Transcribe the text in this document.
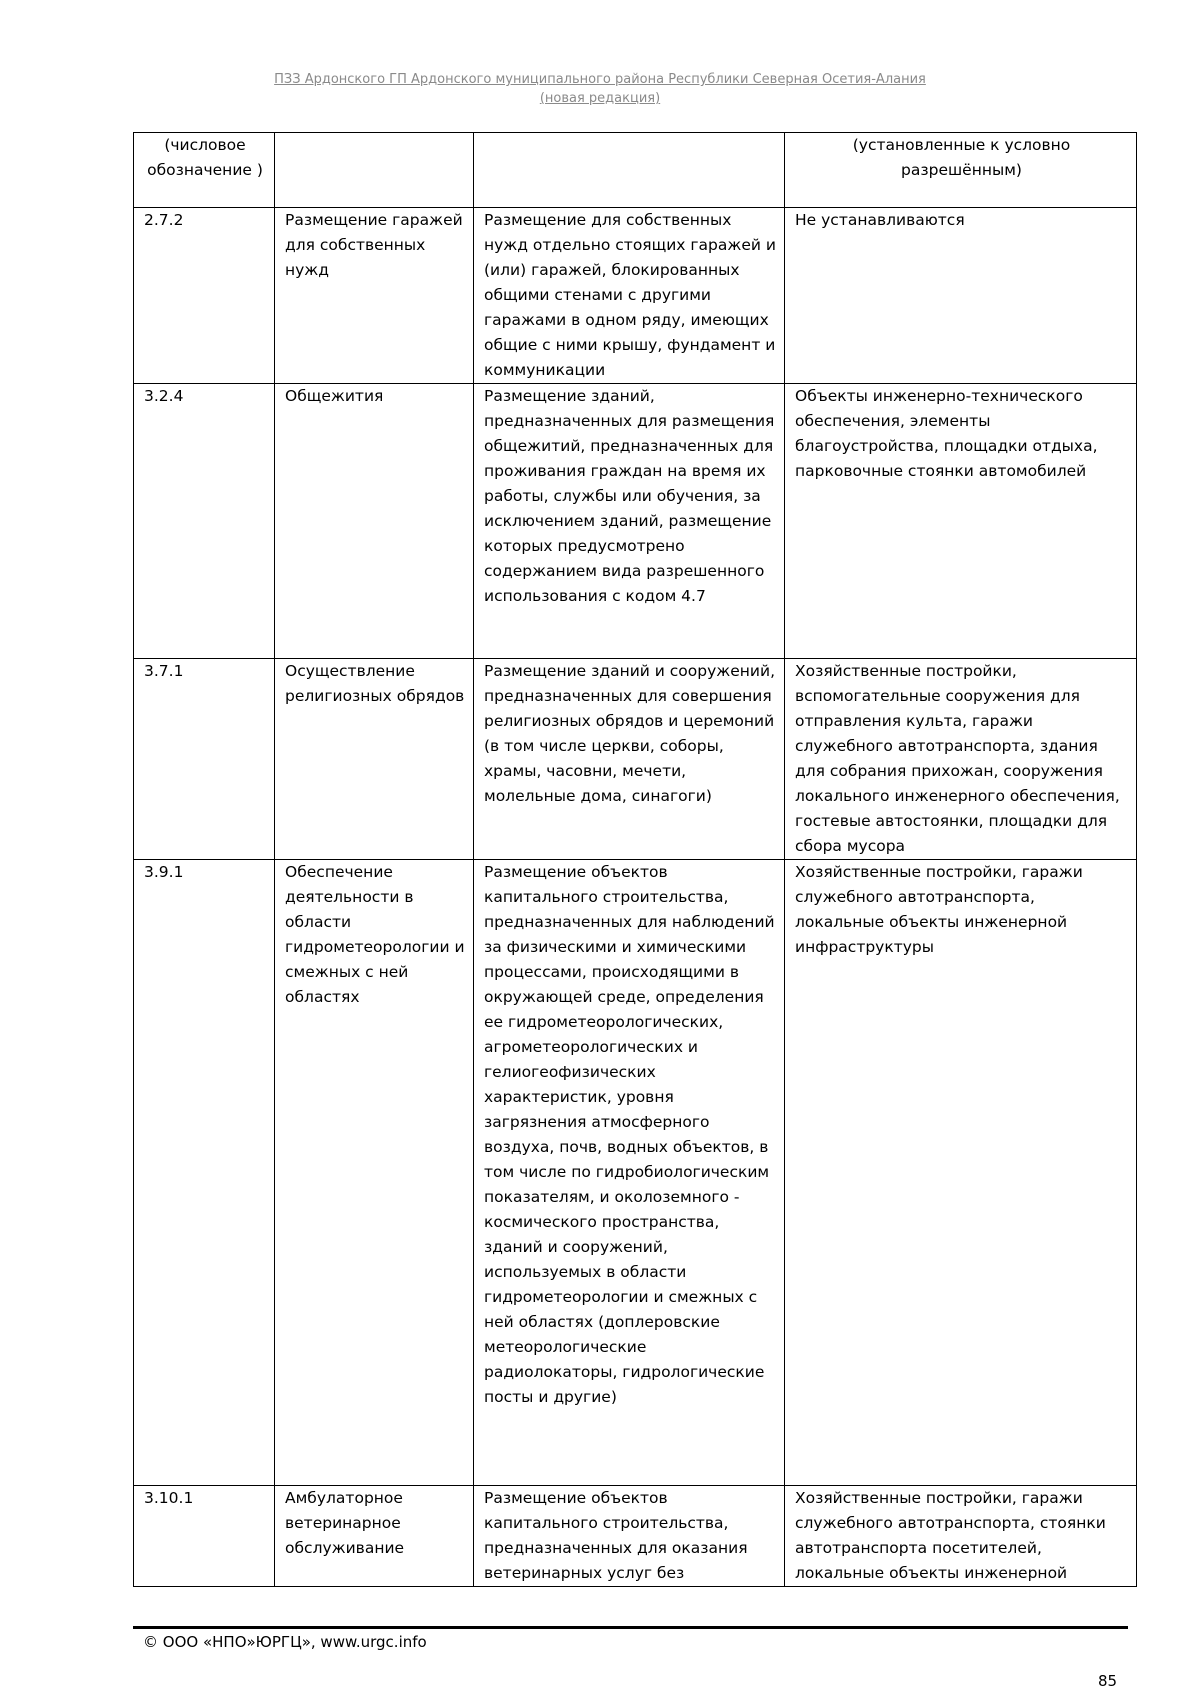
ПЗЗ Ардонского ГП Ардонского муниципального района Республики Северная Осетия-Алания
(новая редакция)
(числовое обозначение )			(установленные к условно разрешённым)
2.7.2	Размещение гаражей для собственных нужд	Размещение для собственных нужд отдельно стоящих гаражей и (или) гаражей, блокированных общими стенами с другими гаражами в одном ряду, имеющих общие с ними крышу, фундамент и коммуникации	Не устанавливаются
3.2.4	Общежития	Размещение зданий, предназначенных для размещения общежитий, предназначенных для проживания граждан на время их работы, службы или обучения, за исключением зданий, размещение которых предусмотрено содержанием вида разрешенного использования с кодом 4.7	Объекты инженерно-технического обеспечения, элементы благоустройства, площадки отдыха, парковочные стоянки автомобилей
3.7.1	Осуществление религиозных обрядов	Размещение зданий и сооружений, предназначенных для совершения религиозных обрядов и церемоний (в том числе церкви, соборы, храмы, часовни, мечети, молельные дома, синагоги)	Хозяйственные постройки, вспомогательные сооружения для отправления культа, гаражи служебного автотранспорта, здания для собрания прихожан, сооружения локального инженерного обеспечения, гостевые автостоянки, площадки для сбора мусора
3.9.1	Обеспечение деятельности в области гидрометеорологии и смежных с ней областях	Размещение объектов капитального строительства, предназначенных для наблюдений за физическими и химическими процессами, происходящими в окружающей среде, определения ее гидрометеорологических, агрометеорологических и гелиогеофизических характеристик, уровня загрязнения атмосферного воздуха, почв, водных объектов, в том числе по гидробиологическим показателям, и околоземного - космического пространства, зданий и сооружений, используемых в области гидрометеорологии и смежных с ней областях (доплеровские метеорологические радиолокаторы, гидрологические посты и другие)	Хозяйственные постройки, гаражи служебного автотранспорта, локальные объекты инженерной инфраструктуры
3.10.1	Амбулаторное ветеринарное обслуживание	Размещение объектов капитального строительства, предназначенных для оказания ветеринарных услуг без	Хозяйственные постройки, гаражи служебного автотранспорта, стоянки автотранспорта посетителей, локальные объекты инженерной
© ООО «НПО»ЮРГЦ», www.urgc.info
85
